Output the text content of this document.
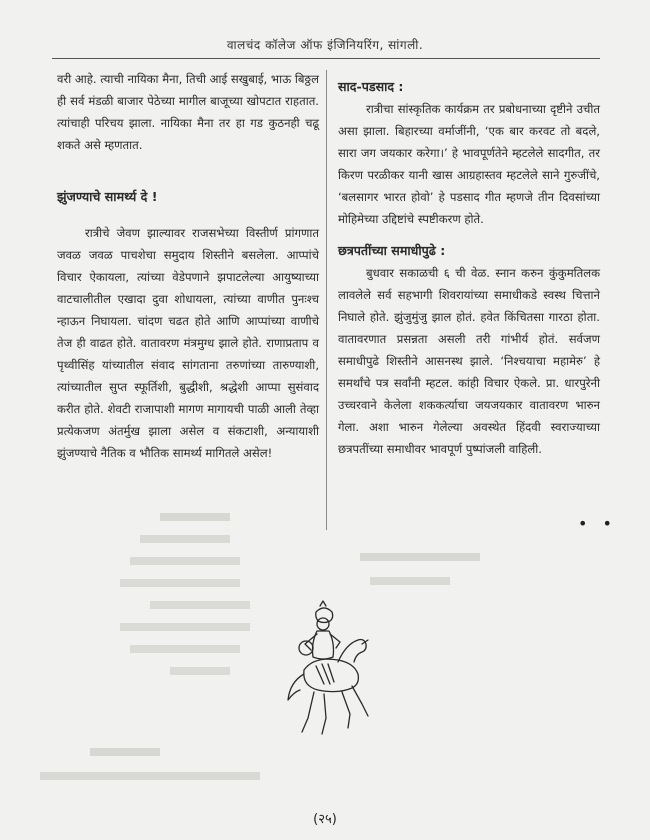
वालचंद कॉलेज ऑफ इंजिनियरिंग, सांगली.

वरी आहे. त्याची नायिका मैना, तिची आई सखुबाई, भाऊ बिठ्ठल ही सर्व मंडळी बाजार पेठेच्या मागील बाजूच्या खोपटात राहतात. त्यांचाही परिचय झाला. नायिका मैना तर हा गड कुठनही चढू शकते असे म्हणतात.

झुंजण्याचे सामर्थ्य दे !

रात्रीचे जेवण झाल्यावर राजसभेच्या विस्तीर्ण प्रांगणात जवळ जवळ पाचशेचा समुदाय शिस्तीने बसलेला. आप्पांचे विचार ऐकायला, त्यांच्या वेडेपणाने झपाटलेल्या आयुष्याच्या वाटचालीतील एखादा दुवा शोधायला, त्यांच्या वाणीत पुनःश्च न्हाऊन निघायला. चांदण चढत होते आणि आप्पांच्या वाणीचे तेज ही वाढत होते. वातावरण मंत्रमुग्ध झाले होते. राणाप्रताप व पृथ्वीसिंह यांच्यातील संवाद सांगताना तरुणांच्या तारुण्याशी, त्यांच्यातील सुप्त स्फूर्तिशी, बुद्धीशी, श्रद्धेशी आप्पा सुसंवाद करीत होते. शेवटी राजापाशी मागण मागायची पाळी आली तेव्हा प्रत्येकजण अंतर्मुख झाला असेल व संकटाशी, अन्यायाशी झुंजण्याचे नैतिक व भौतिक सामर्थ्य मागितले असेल!

साद-पडसाद :

रात्रीचा सांस्कृतिक कार्यक्रम तर प्रबोधनाच्या दृष्टीने उचीत असा झाला. बिहारच्या वर्माजींनी, ‘एक बार करवट तो बदले, सारा जग जयकार करेगा।’ हे भावपूर्णतेने म्हटलेले सादगीत, तर किरण परळीकर यानी खास आग्रहास्तव म्हटलेले साने गुरुजींचे, ‘बलसागर भारत होवो’ हे पडसाद गीत म्हणजे तीन दिवसांच्या मोहिमेच्या उद्दिष्टांचे स्पष्टीकरण होते.

छत्रपतींच्या समाधीपुढे :

बुधवार सकाळची ६ ची वेळ. स्नान करुन कुंकुमतिलक लावलेले सर्व सहभागी शिवरायांच्या समाधीकडे स्वस्थ चित्ताने निघाले होते. झुंजुमुंजु झाल होतं. हवेत किंचितसा गारठा होता. वातावरणात प्रसन्नता असली तरी गांभीर्य होतं. सर्वजण समाधीपुढे शिस्तीने आसनस्थ झाले. ‘निश्चयाचा महामेरु’ हे समर्थांचे पत्र सर्वांनी म्हटल. कांही विचार ऐकले. प्रा. धारपुरेनी उच्चरवाने केलेला शककर्त्याचा जयजयकार वातावरण भारुन गेला. अशा भारुन गेलेल्या अवस्थेत हिंदवी स्वराज्याच्या छत्रपतींच्या समाधीवर भावपूर्ण पुष्पांजली वाहिली.

• •
(२५)
